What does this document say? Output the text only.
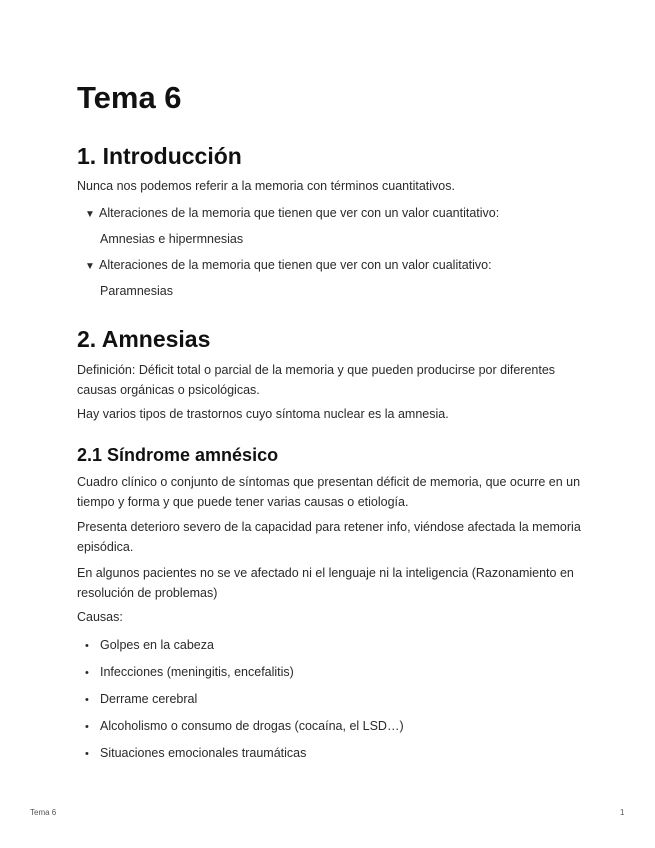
Tema 6
1. Introducción

Nunca nos podemos referir a la memoria con términos cuantitativos.

▼ Alteraciones de la memoria que tienen que ver con un valor cuantitativo:
Amnesias e hipermnesias
▼ Alteraciones de la memoria que tienen que ver con un valor cualitativo:
Paramnesias
2. Amnesias

Definición: Déficit total o parcial de la memoria y que pueden producirse por diferentes causas orgánicas o psicológicas.

Hay varios tipos de trastornos cuyo síntoma nuclear es la amnesia.

2.1 Síndrome amnésico

Cuadro clínico o conjunto de síntomas que presentan déficit de memoria, que ocurre en un tiempo y forma y que puede tener varias causas o etiología.

Presenta deterioro severo de la capacidad para retener info, viéndose afectada la memoria episódica.

En algunos pacientes no se ve afectado ni el lenguaje ni la inteligencia (Razonamiento en resolución de problemas)

Causas:

• Golpes en la cabeza
• Infecciones (meningitis, encefalitis)
• Derrame cerebral
• Alcoholismo o consumo de drogas (cocaína, el LSD…)
• Situaciones emocionales traumáticas
Tema 6	1
